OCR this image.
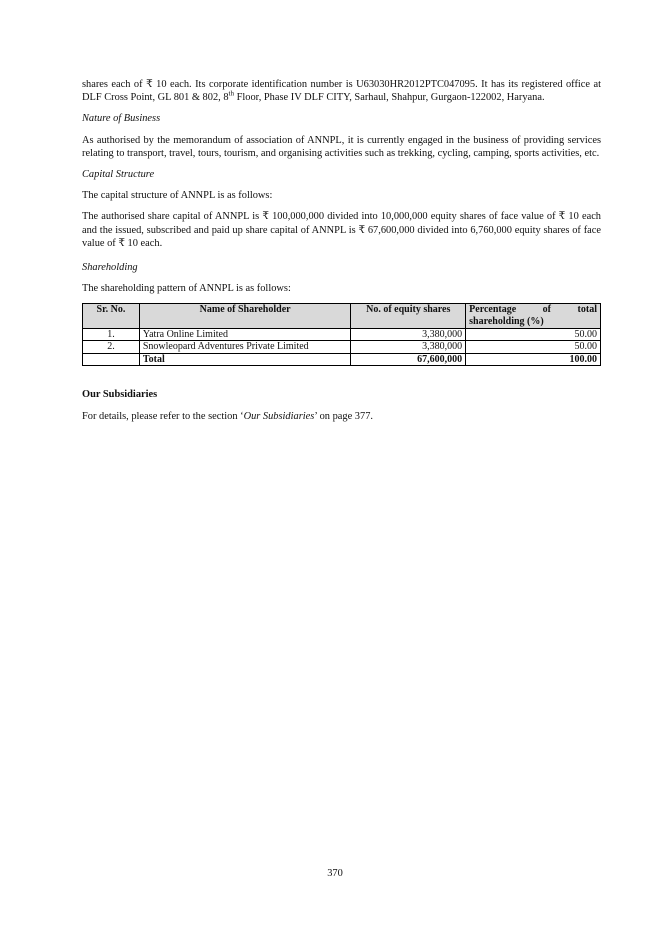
shares each of ₹ 10 each. Its corporate identification number is U63030HR2012PTC047095. It has its registered office at DLF Cross Point, GL 801 & 802, 8th Floor, Phase IV DLF CITY, Sarhaul, Shahpur, Gurgaon-122002, Haryana.

Nature of Business

As authorised by the memorandum of association of ANNPL, it is currently engaged in the business of providing services relating to transport, travel, tours, tourism, and organising activities such as trekking, cycling, camping, sports activities, etc.

Capital Structure

The capital structure of ANNPL is as follows:

The authorised share capital of ANNPL is ₹ 100,000,000 divided into 10,000,000 equity shares of face value of ₹ 10 each and the issued, subscribed and paid up share capital of ANNPL is ₹ 67,600,000 divided into 6,760,000 equity shares of face value of ₹ 10 each.

Shareholding

The shareholding pattern of ANNPL is as follows:

Sr. No.	Name of Shareholder	No. of equity shares	Percentage of total
shareholding (%)

1.	Yatra Online Limited	3,380,000	50.00
2.	Snowleopard Adventures Private Limited	3,380,000	50.00
	Total	67,600,000	100.00

Our Subsidiaries

For details, please refer to the section ‘Our Subsidiaries’ on page 377.

370
